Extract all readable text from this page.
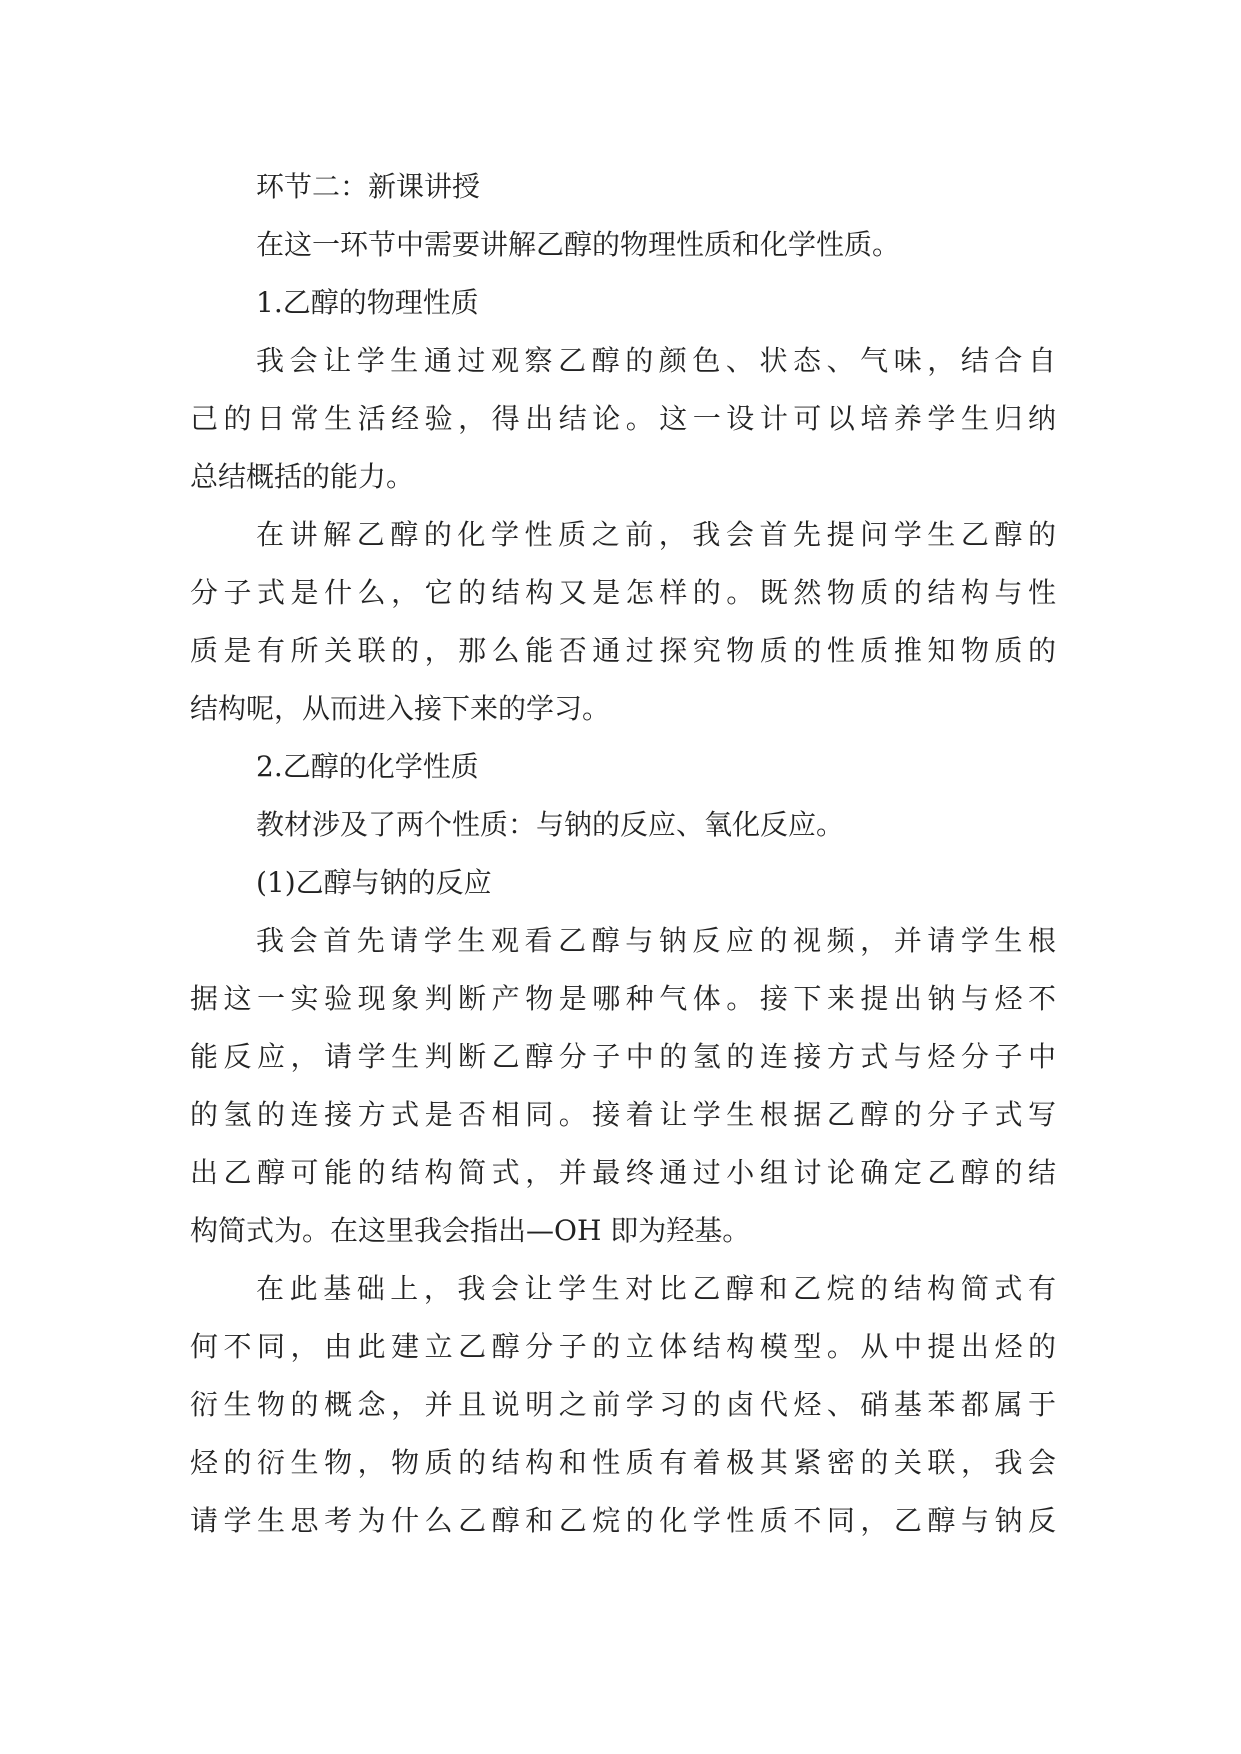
环节二：新课讲授
在这一环节中需要讲解乙醇的物理性质和化学性质。
1.乙醇的物理性质
我会让学生通过观察乙醇的颜色、状态、气味，结合自
己的日常生活经验，得出结论。这一设计可以培养学生归纳
总结概括的能力。
在讲解乙醇的化学性质之前，我会首先提问学生乙醇的
分子式是什么，它的结构又是怎样的。既然物质的结构与性
质是有所关联的，那么能否通过探究物质的性质推知物质的
结构呢，从而进入接下来的学习。
2.乙醇的化学性质
教材涉及了两个性质：与钠的反应、氧化反应。
(1)乙醇与钠的反应
我会首先请学生观看乙醇与钠反应的视频，并请学生根
据这一实验现象判断产物是哪种气体。接下来提出钠与烃不
能反应，请学生判断乙醇分子中的氢的连接方式与烃分子中
的氢的连接方式是否相同。接着让学生根据乙醇的分子式写
出乙醇可能的结构简式，并最终通过小组讨论确定乙醇的结
构简式为。在这里我会指出—OH 即为羟基。
在此基础上，我会让学生对比乙醇和乙烷的结构简式有
何不同，由此建立乙醇分子的立体结构模型。从中提出烃的
衍生物的概念，并且说明之前学习的卤代烃、硝基苯都属于
烃的衍生物，物质的结构和性质有着极其紧密的关联，我会
请学生思考为什么乙醇和乙烷的化学性质不同，乙醇与钠反
